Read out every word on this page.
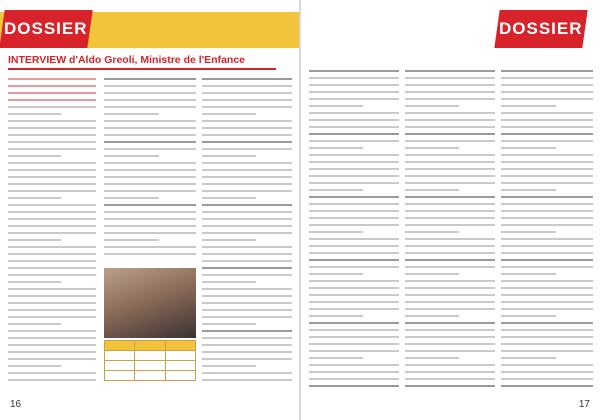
DOSSIER
INTERVIEW d'Aldo Greoli, Ministre de l'Enfance

16
DOSSIER
17
